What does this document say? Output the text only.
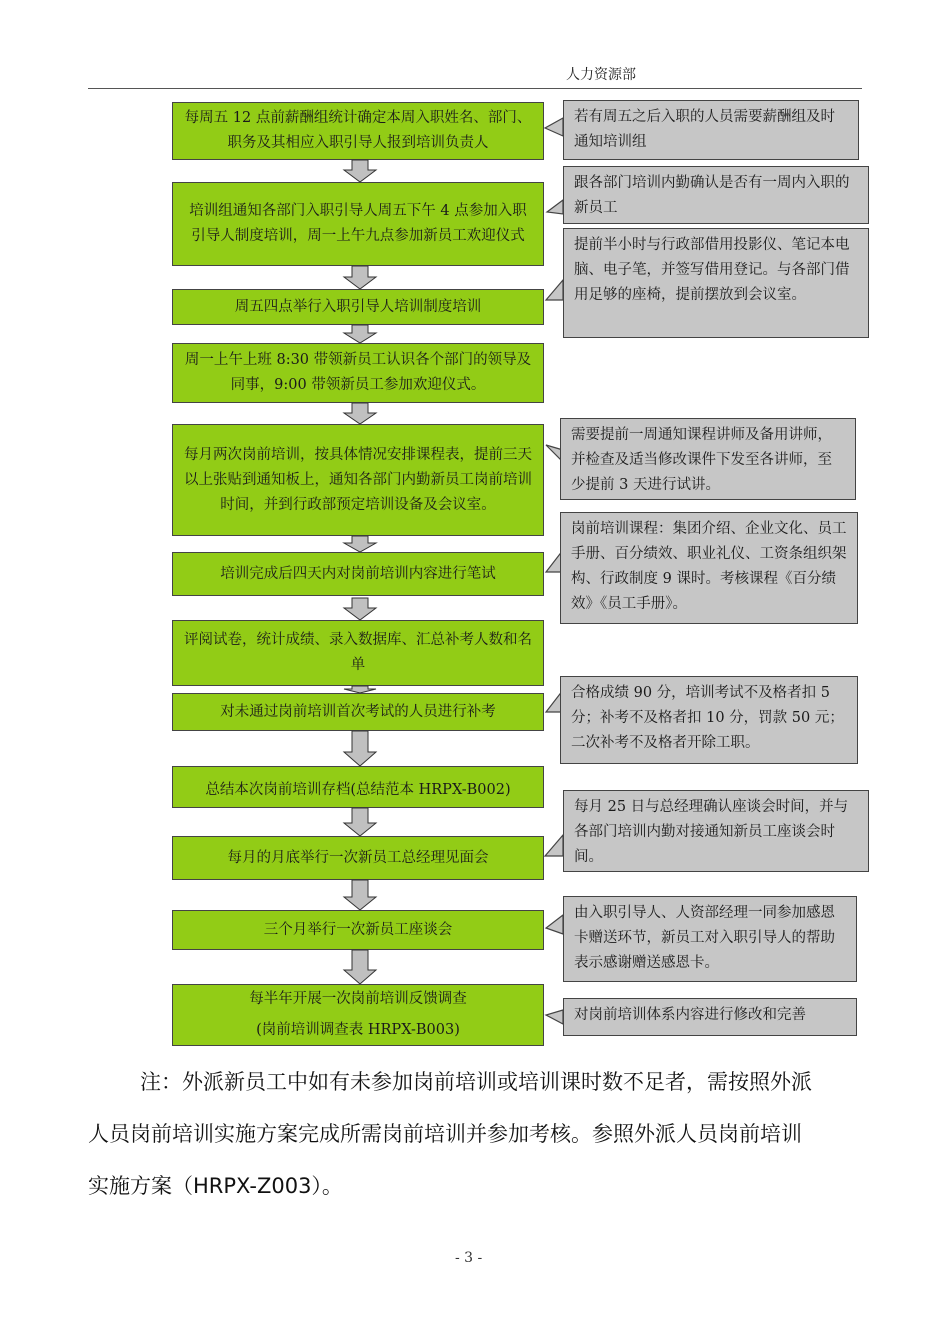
人力资源部
每周五 12 点前薪酬组统计确定本周入职姓名、部门、职务及其相应入职引导人报到培训负责人
培训组通知各部门入职引导人周五下午 4 点参加入职引导人制度培训，周一上午九点参加新员工欢迎仪式
周五四点举行入职引导人培训制度培训
周一上午上班 8:30 带领新员工认识各个部门的领导及同事，9:00 带领新员工参加欢迎仪式。
每月两次岗前培训，按具体情况安排课程表，提前三天以上张贴到通知板上，通知各部门内勤新员工岗前培训时间，并到行政部预定培训设备及会议室。
培训完成后四天内对岗前培训内容进行笔试
评阅试卷，统计成绩、录入数据库、汇总补考人数和名单
对未通过岗前培训首次考试的人员进行补考
总结本次岗前培训存档(总结范本 HRPX-B002)
每月的月底举行一次新员工总经理见面会
三个月举行一次新员工座谈会
每半年开展一次岗前培训反馈调查
(岗前培训调查表 HRPX-B003)
若有周五之后入职的人员需要薪酬组及时通知培训组
跟各部门培训内勤确认是否有一周内入职的新员工
提前半小时与行政部借用投影仪、笔记本电脑、电子笔，并签写借用登记。与各部门借用足够的座椅，提前摆放到会议室。
需要提前一周通知课程讲师及备用讲师，并检查及适当修改课件下发至各讲师，至少提前 3 天进行试讲。
岗前培训课程：集团介绍、企业文化、员工手册、百分绩效、职业礼仪、工资条组织架构、行政制度 9 课时。考核课程《百分绩效》《员工手册》。
合格成绩 90 分，培训考试不及格者扣 5 分；补考不及格者扣 10 分，罚款 50 元；二次补考不及格者开除工职。
每月 25 日与总经理确认座谈会时间，并与各部门培训内勤对接通知新员工座谈会时间。
由入职引导人、人资部经理一同参加感恩卡赠送环节，新员工对入职引导人的帮助表示感谢赠送感恩卡。
对岗前培训体系内容进行修改和完善
注：外派新员工中如有未参加岗前培训或培训课时数不足者，需按照外派
人员岗前培训实施方案完成所需岗前培训并参加考核。参照外派人员岗前培训
实施方案（HRPX-Z003）。
- 3 -
